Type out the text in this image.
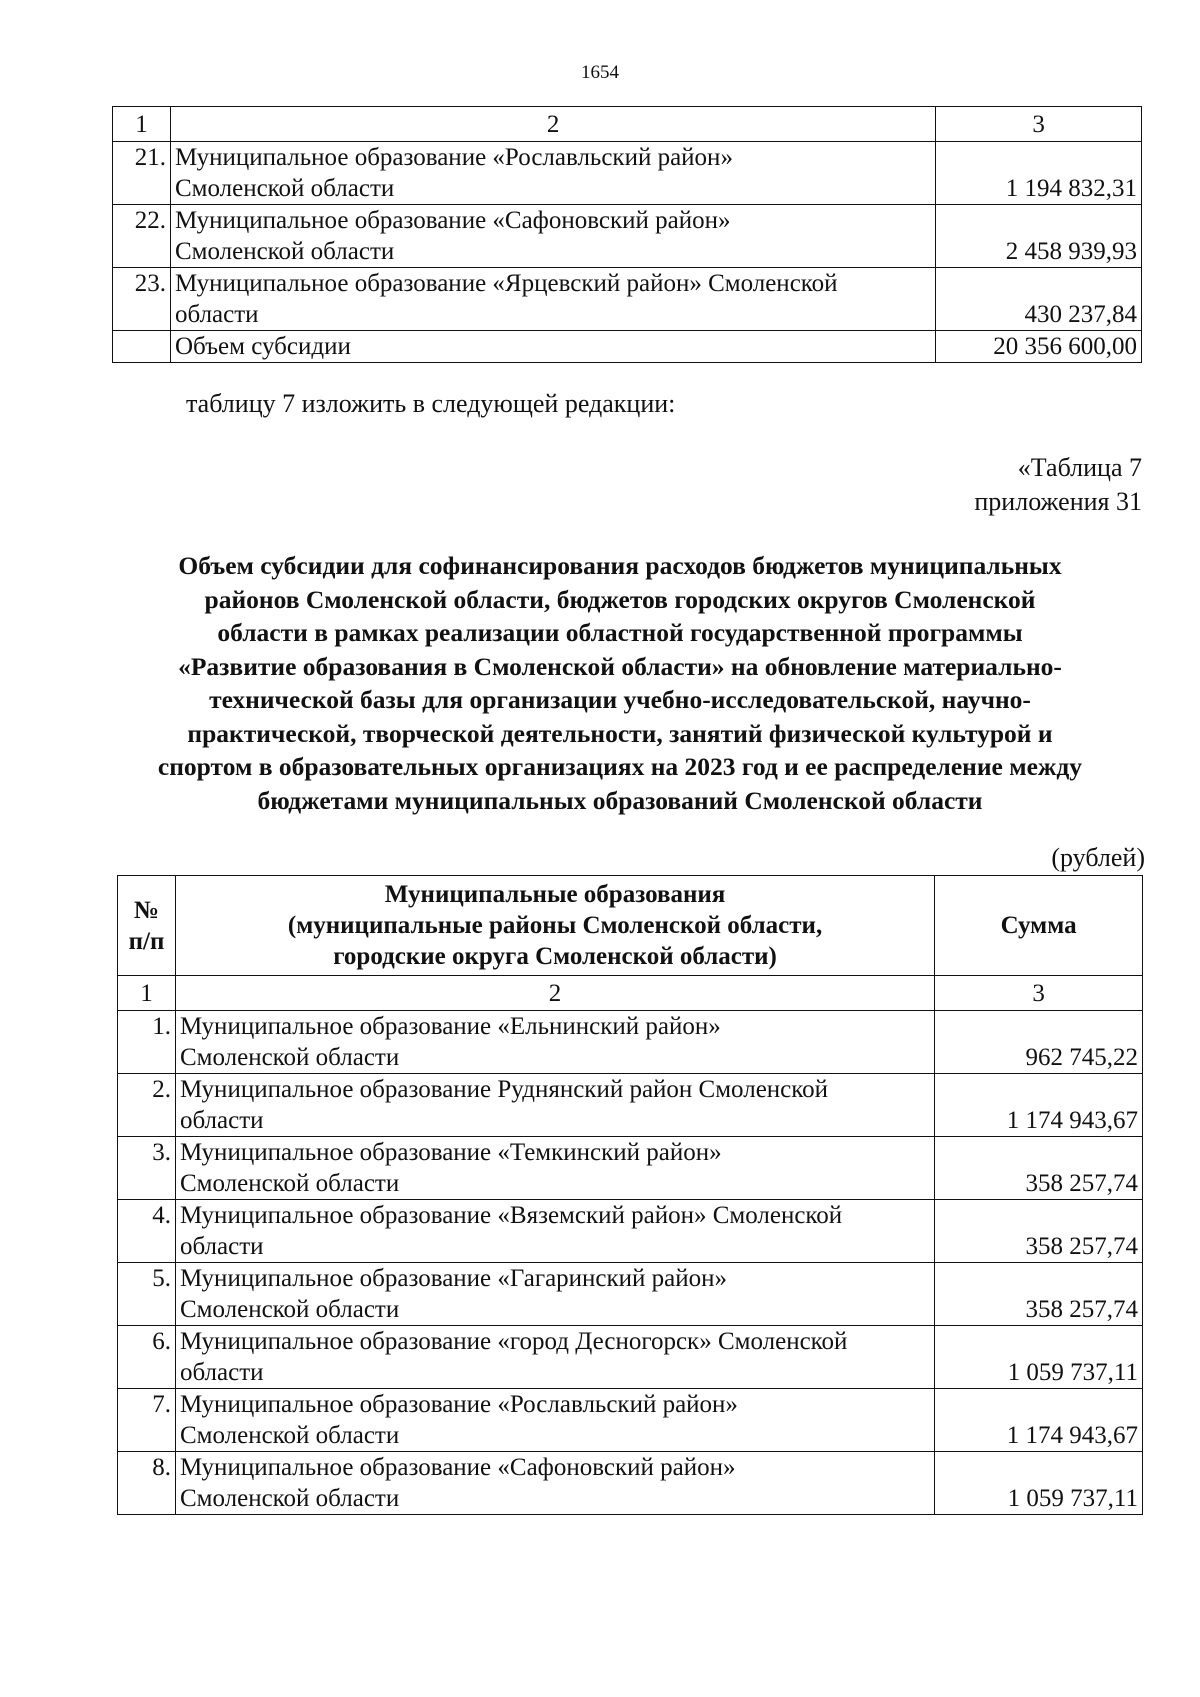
1654
1	2	3
21.	Муниципальное образование «Рославльский район»
Смоленской области	1 194 832,31
22.	Муниципальное образование «Сафоновский район»
Смоленской области	2 458 939,93
23.	Муниципальное образование «Ярцевский район» Смоленской
области	430 237,84
	Объем субсидии	20 356 600,00
таблицу 7 изложить в следующей редакции:
«Таблица 7
приложения 31
Объем субсидии для софинансирования расходов бюджетов муниципальных
районов Смоленской области, бюджетов городских округов Смоленской
области в рамках реализации областной государственной программы
«Развитие образования в Смоленской области» на обновление материально-
технической базы для организации учебно-исследовательской, научно-
практической, творческой деятельности, занятий физической культурой и
спортом в образовательных организациях на 2023 год и ее распределение между
бюджетами муниципальных образований Смоленской области
(рублей)
№
п/п	Муниципальные образования
(муниципальные районы Смоленской области,
городские округа Смоленской области)	Сумма
1	2	3
1.	Муниципальное образование «Ельнинский район»
Смоленской области	962 745,22
2.	Муниципальное образование Руднянский район Смоленской
области	1 174 943,67
3.	Муниципальное образование «Темкинский район»
Смоленской области	358 257,74
4.	Муниципальное образование «Вяземский район» Смоленской
области	358 257,74
5.	Муниципальное образование «Гагаринский район»
Смоленской области	358 257,74
6.	Муниципальное образование «город Десногорск» Смоленской
области	1 059 737,11
7.	Муниципальное образование «Рославльский район»
Смоленской области	1 174 943,67
8.	Муниципальное образование «Сафоновский район»
Смоленской области	1 059 737,11
